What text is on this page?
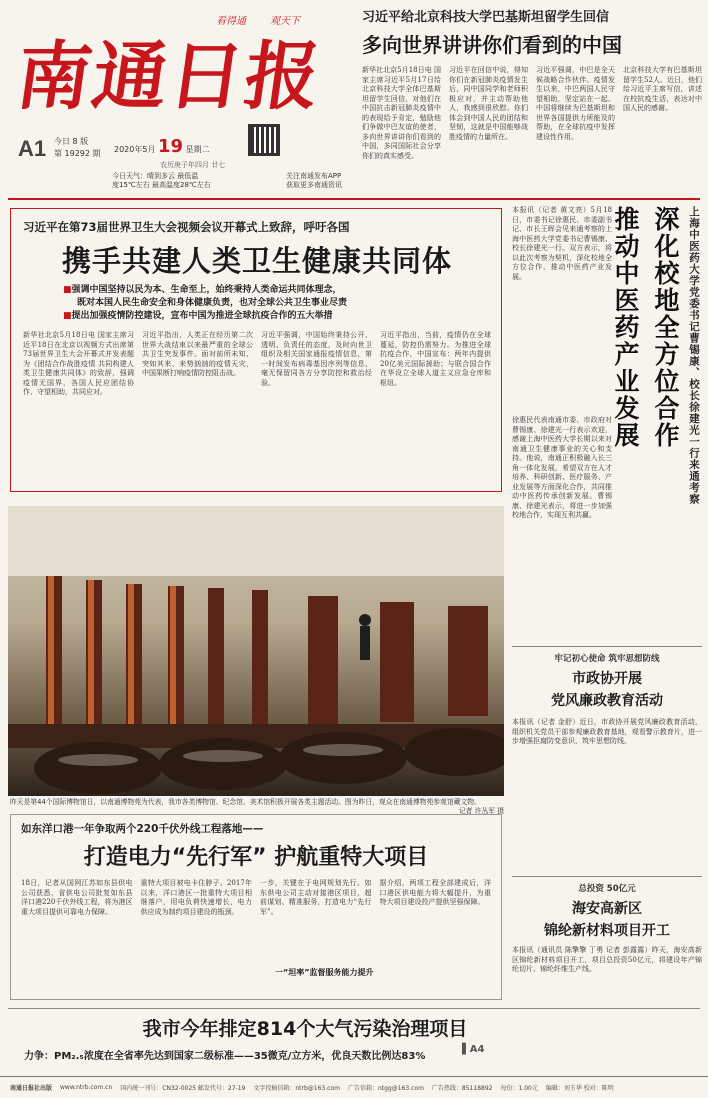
南通日报
看得通 观天下
A1 今日 8 版
第 19292 期 2020年5月 19 星期二
农历庚子年四月 廿七
今日天气：晴到多云 最低温
度15℃左右 最高温度28℃左右
关注南通发布APP
获取更多南通资讯
习近平给北京科技大学巴基斯坦留学生回信
多向世界讲讲你们看到的中国
新华社北京5月18日电 国家主席习近平5月17日给北京科技大学全体巴基斯坦留学生回信，对他们在中国抗击新冠肺炎疫情中的表现给予肯定，勉励他们争做中巴友谊的使者，多向世界讲讲你们看到的中国，多同国际社会分享你们的真实感受。
习近平在回信中说，得知你们在新冠肺炎疫情发生后，同中国同学和老师积极应对，并主动帮助他人，我感到很欣慰。你们体会到中国人民的团结和坚韧，这就是中国能够战胜疫情的力量所在。
习近平强调，中巴是全天候战略合作伙伴。疫情发生以来，中巴两国人民守望相助，坚定站在一起。中国将继续为巴基斯坦和世界各国提供力所能及的帮助，在全球抗疫中发挥建设性作用。
北京科技大学有巴基斯坦留学生52人。近日，他们给习近平主席写信，讲述在校抗疫生活，表达对中国人民的感谢。
习近平在第73届世界卫生大会视频会议开幕式上致辞，呼吁各国
携手共建人类卫生健康共同体
■强调中国坚持以民为本、生命至上，始终秉持人类命运共同体理念，
既对本国人民生命安全和身体健康负责，也对全球公共卫生事业尽责
■提出加强疫情防控建设，宣布中国为推进全球抗疫合作的五大举措
新华社北京5月18日电 国家主席习近平18日在北京以视频方式出席第73届世界卫生大会开幕式并发表题为《团结合作战胜疫情 共同构建人类卫生健康共同体》的致辞，强调疫情无国界，各国人民应团结协作、守望相助，共同应对。
习近平指出，人类正在经历第二次世界大战结束以来最严重的全球公共卫生突发事件。面对前所未知、突如其来、来势汹汹的疫情天灾，中国果断打响疫情防控阻击战。
习近平强调，中国始终秉持公开、透明、负责任的态度，及时向世卫组织及相关国家通报疫情信息，第一时间发布病毒基因序列等信息，毫无保留同各方分享防控和救治经验。
习近平指出，当前，疫情仍在全球蔓延，防控仍需努力。为推进全球抗疫合作，中国宣布：两年内提供20亿美元国际援助；与联合国合作在华设立全球人道主义应急仓库和枢纽。
昨天是第44个国际博物馆日，以南通博物苑为代表，我市各类博物馆、纪念馆、美术馆积极开展各类主题活动。图为昨日，观众在南通博物苑参观馆藏文物。
记者 许丛军 摄
如东洋口港一年争取两个220千伏外线工程落地——
打造电力“先行军” 护航重特大项目
18日，记者从国网江苏如东县供电公司获悉，省供电公司批复如东县洋口港220千伏外线工程，将为港区重大项目提供可靠电力保障。
重特大项目被电卡住脖子。2017年以来，洋口港区一批重特大项目相继落户，用电负荷快速增长，电力供应成为制约项目建设的瓶颈。
一步，关键在于电网规划先行。如东供电公司主动对接港区项目，超前谋划、精准服务，打造电力“先行军”。
据介绍，两项工程全部建成后，洋口港区供电能力将大幅提升，为重特大项目建设投产提供坚强保障。
一“坦率”监督服务能力提升
本报讯（记者 黄文亮）5月18日，市委书记徐惠民、市委副书记、市长王晖会见来通考察的上海中医药大学党委书记曹锡康、校长徐建光一行。双方表示，将以此次考察为契机，深化校地全方位合作，推动中医药产业发展。	上海中医药大学党委书记曹锡康、校长徐建光一行来通考察
深化校地全方位合作
推动中医药产业发展
徐惠民代表南通市委、市政府对曹锡康、徐建光一行表示欢迎，感谢上海中医药大学长期以来对南通卫生健康事业的关心和支持。他说，南通正积极融入长三角一体化发展，希望双方在人才培养、科研创新、医疗服务、产业发展等方面深化合作，共同推动中医药传承创新发展。曹锡康、徐建光表示，将进一步加强校地合作，实现互利共赢。
牢记初心使命 筑牢思想防线
市政协开展
党风廉政教育活动
本报讯（记者 金舒）近日，市政协开展党风廉政教育活动，组织机关党员干部参观廉政教育基地，观看警示教育片，进一步增强拒腐防变意识，筑牢思想防线。
总投资 50亿元
海安高新区
锦纶新材料项目开工
本报讯（通讯员 陈擎擎 丁勇 记者 彭露露）昨天，海安高新区锦纶新材料项目开工，项目总投资50亿元，将建设年产锦纶切片、锦纶纤维生产线。
我市今年排定814个大气污染治理项目
力争：PM₂.₅浓度在全省率先达到国家二级标准——35微克/立方米，优良天数比例达83%
▌A4
南通日报社出版 www.ntrb.com.cn 国内统一刊号：CN32-0025 邮发代号：27-19 文字投稿信箱：ntrb@163.com 广告信箱：ntgg@163.com 广告热线：85118892 每份：1.00元 编辑：刘玉华 校对：陈明
